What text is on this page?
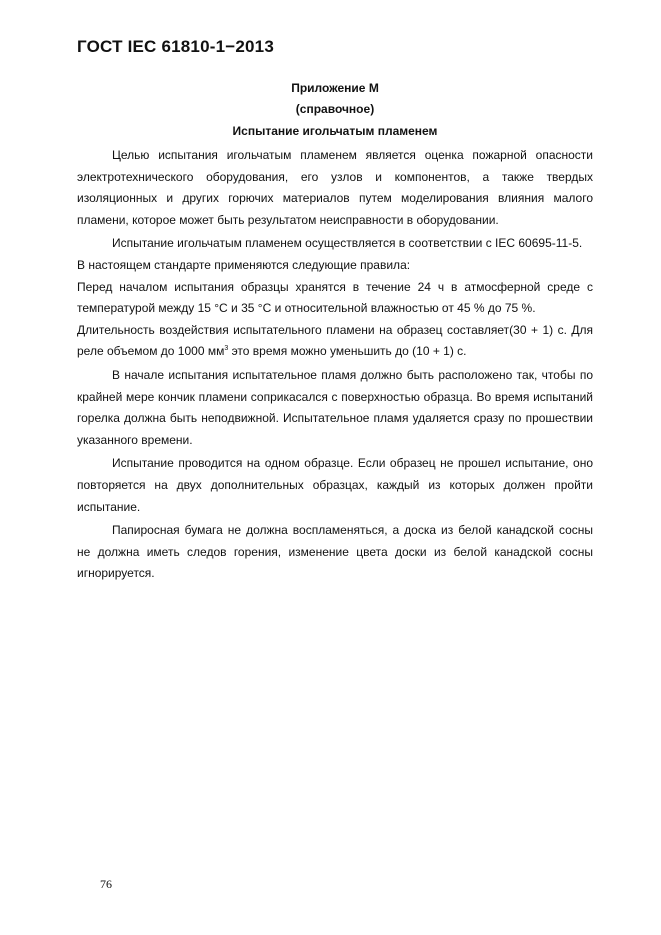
ГОСТ IEC 61810-1−2013
Приложение М
(справочное)
Испытание игольчатым пламенем

Целью испытания игольчатым пламенем является оценка пожарной опасности электротехнического оборудования, его узлов и компонентов, а также твердых изоляционных и других горючих материалов путем моделирования влияния малого пламени, которое может быть результатом неисправности в оборудовании.

Испытание игольчатым пламенем осуществляется в соответствии с IEC 60695-11-5.

В настоящем стандарте применяются следующие правила:

Перед началом испытания образцы хранятся в течение 24 ч в атмосферной среде с температурой между 15 °С и 35 °С и относительной влажностью от 45 % до 75 %.

Длительность воздействия испытательного пламени на образец составляет(30 + 1) с. Для реле объемом до 1000 $мм^3$ это время можно уменьшить до (10 + 1) с.

В начале испытания испытательное пламя должно быть расположено так, чтобы по крайней мере кончик пламени соприкасался с поверхностью образца. Во время испытаний горелка должна быть неподвижной. Испытательное пламя удаляется сразу по прошествии указанного времени.

Испытание проводится на одном образце. Если образец не прошел испытание, оно повторяется на двух дополнительных образцах, каждый из которых должен пройти испытание.

Папиросная бумага не должна воспламеняться, а доска из белой канадской сосны не должна иметь следов горения, изменение цвета доски из белой канадской сосны игнорируется.

76
